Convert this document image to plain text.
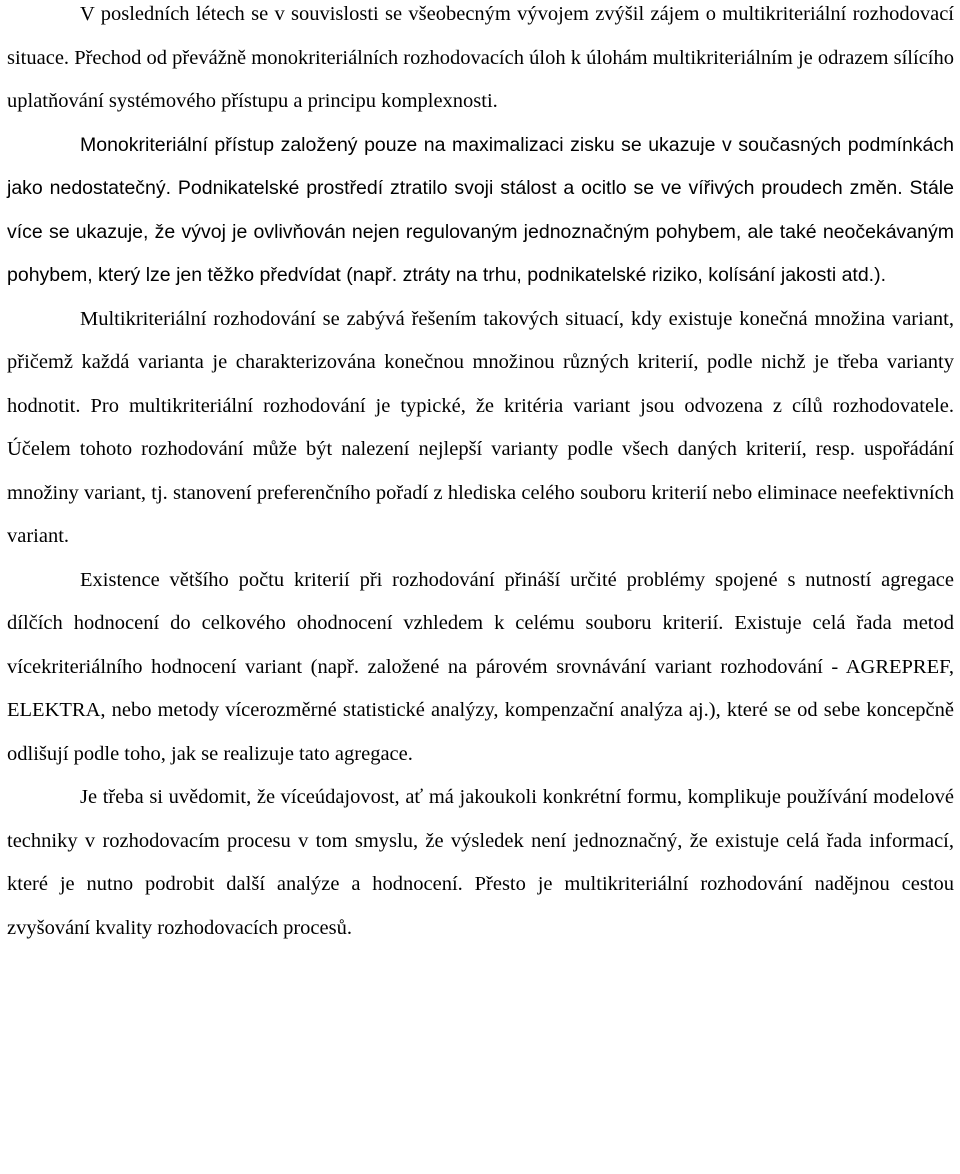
V posledních létech se v souvislosti se všeobecným vývojem zvýšil zájem o multikriteriální rozhodovací situace. Přechod od převážně monokriteriálních rozhodovacích úloh k úlohám multikriteriálním je odrazem sílícího uplatňování systémového přístupu a principu komplexnosti.

Monokriteriální přístup založený pouze na maximalizaci zisku se ukazuje v současných podmínkách jako nedostatečný. Podnikatelské prostředí ztratilo svoji stálost a ocitlo se ve vířivých proudech změn. Stále více se ukazuje, že vývoj je ovlivňován nejen regulovaným jednoznačným pohybem, ale také neočekávaným pohybem, který lze jen těžko předvídat (např. ztráty na trhu, podnikatelské riziko, kolísání jakosti atd.).

Multikriteriální rozhodování se zabývá řešením takových situací, kdy existuje konečná množina variant, přičemž každá varianta je charakterizována konečnou množinou různých kriterií, podle nichž je třeba varianty hodnotit. Pro multikriteriální rozhodování je typické, že kritéria variant jsou odvozena z cílů rozhodovatele. Účelem tohoto rozhodování může být nalezení nejlepší varianty podle všech daných kriterií, resp. uspořádání množiny variant, tj. stanovení preferenčního pořadí z hlediska celého souboru kriterií nebo eliminace neefektivních variant.

Existence většího počtu kriterií při rozhodování přináší určité problémy spojené s nutností agregace dílčích hodnocení do celkového ohodnocení vzhledem k celému souboru kriterií. Existuje celá řada metod vícekriteriálního hodnocení variant (např. založené na párovém srovnávání variant rozhodování - AGREPREF, ELEKTRA, nebo metody vícerozměrné statistické analýzy, kompenzační analýza aj.), které se od sebe koncepčně odlišují podle toho, jak se realizuje tato agregace.

Je třeba si uvědomit, že víceúdajovost, ať má jakoukoli konkrétní formu, komplikuje používání modelové techniky v rozhodovacím procesu v tom smyslu, že výsledek není jednoznačný, že existuje celá řada informací, které je nutno podrobit další analýze a hodnocení. Přesto je multikriteriální rozhodování nadějnou cestou zvyšování kvality rozhodovacích procesů.
